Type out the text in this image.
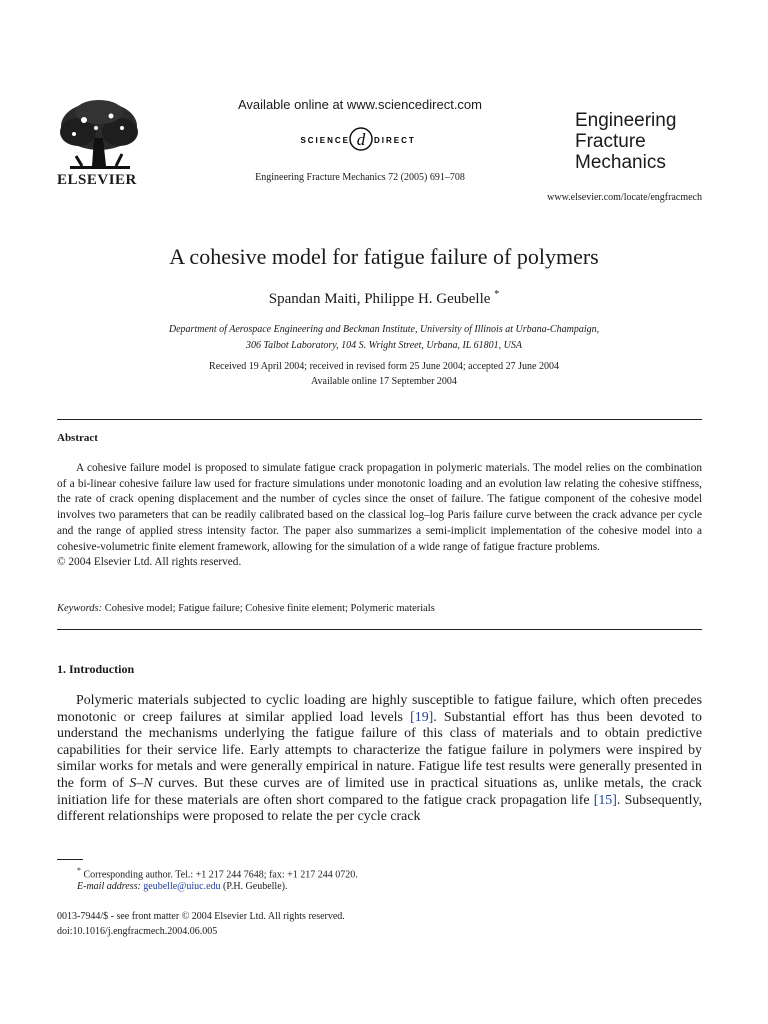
ELSEVIER
Available online at www.sciencedirect.com
SCIENCE d DIRECT
Engineering Fracture Mechanics 72 (2005) 691–708
Engineering
Fracture
Mechanics
www.elsevier.com/locate/engfracmech
A cohesive model for fatigue failure of polymers
Spandan Maiti, Philippe H. Geubelle *
Department of Aerospace Engineering and Beckman Institute, University of Illinois at Urbana-Champaign,
306 Talbot Laboratory, 104 S. Wright Street, Urbana, IL 61801, USA
Received 19 April 2004; received in revised form 25 June 2004; accepted 27 June 2004
Available online 17 September 2004
Abstract

A cohesive failure model is proposed to simulate fatigue crack propagation in polymeric materials. The model relies on the combination of a bi-linear cohesive failure law used for fracture simulations under monotonic loading and an evolution law relating the cohesive stiffness, the rate of crack opening displacement and the number of cycles since the onset of failure. The fatigue component of the cohesive model involves two parameters that can be readily calibrated based on the classical log–log Paris failure curve between the crack advance per cycle and the range of applied stress intensity factor. The paper also summarizes a semi-implicit implementation of the cohesive model into a cohesive-volumetric finite element framework, allowing for the simulation of a wide range of fatigue fracture problems.

© 2004 Elsevier Ltd. All rights reserved.

Keywords: Cohesive model; Fatigue failure; Cohesive finite element; Polymeric materials
1. Introduction

Polymeric materials subjected to cyclic loading are highly susceptible to fatigue failure, which often precedes monotonic or creep failures at similar applied load levels [19]. Substantial effort has thus been devoted to understand the mechanisms underlying the fatigue failure of this class of materials and to obtain predictive capabilities for their service life. Early attempts to characterize the fatigue failure in polymers were inspired by similar works for metals and were generally empirical in nature. Fatigue life test results were generally presented in the form of S–N curves. But these curves are of limited use in practical situations as, unlike metals, the crack initiation life for these materials are often short compared to the fatigue crack propagation life [15]. Subsequently, different relationships were proposed to relate the per cycle crack

* Corresponding author. Tel.: +1 217 244 7648; fax: +1 217 244 0720.
E-mail address: geubelle@uiuc.edu (P.H. Geubelle).
0013-7944/$ - see front matter © 2004 Elsevier Ltd. All rights reserved.
doi:10.1016/j.engfracmech.2004.06.005
